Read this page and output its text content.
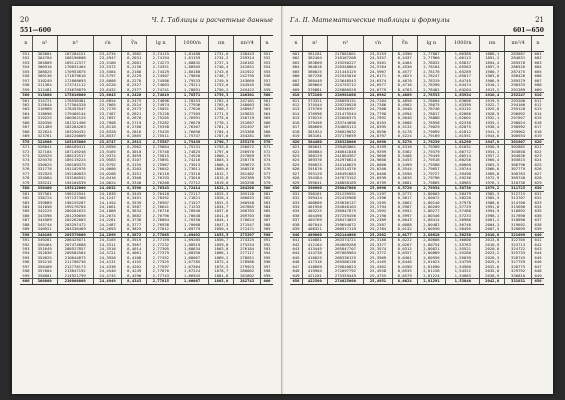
20	Ч. I. Таблицы и расчетные данные
551—600
n	n²	n³	√n	∛n	lg n	1000/n	πn	πn²/4	n
551	303601	167284151	23,4734	8,1982	2,74115	1,81488	1731,0	238443	551
552	304704	168196608	23,4947	8,2031	2,74194	1,81159	1734,2	239314	552
553	305809	169112377	23,5160	8,2081	2,74273	1,80832	1737,3	240182	553
554	306916	170031464	23,5372	8,2130	2,74351	1,80505	1740,4	241051	554
555	308025	170953875	23,5584	8,2180	2,74429	1,80180	1743,6	241922	555
556	309136	171879616	23,5797	8,2229	2,74507	1,79856	1746,7	242795	556
557	310249	172808693	23,6008	8,2278	2,74586	1,79533	1749,9	243669	557
558	311364	173741112	23,6220	8,2327	2,74663	1,79211	1753,0	244545	558
559	312481	174676879	23,6432	8,2377	2,74741	1,78891	1756,2	245422	559
560	313600	175616000	23,6643	8,2426	2,74819	1,78571	1759,3	246301	560
561	314721	176558481	23,6854	8,2475	2,74896	1,78253	1762,4	247181	561
562	315844	177504328	23,7065	8,2524	2,74974	1,77936	1765,6	248063	562
563	316969	178453547	23,7276	8,2573	2,75051	1,77620	1768,7	248947	563
564	318096	179406144	23,7487	8,2621	2,75128	1,77305	1771,9	249832	564
565	319225	180362125	23,7697	8,2670	2,75205	1,76991	1775,0	250719	565
566	320356	181321496	23,7908	8,2719	2,75282	1,76678	1778,1	251607	566
567	321489	182284263	23,8118	8,2768	2,75358	1,76367	1781,3	252497	567
568	322624	183250432	23,8328	8,2816	2,75435	1,76056	1784,4	253388	568
569	323761	184220009	23,8537	8,2865	2,75511	1,75747	1787,6	254281	569
570	324900	185193000	23,8747	8,2913	2,75587	1,75439	1790,7	255176	570
571	326041	186169411	23,8956	8,2962	2,75664	1,75131	1793,8	256072	571
572	327184	187149248	23,9165	8,3010	2,75740	1,74825	1797,0	256970	572
573	328329	188132517	23,9374	8,3059	2,75815	1,74520	1800,1	257869	573
574	329476	189119224	23,9583	8,3107	2,75891	1,74216	1803,3	258770	574
575	330625	190109375	23,9792	8,3155	2,75967	1,73913	1806,4	259672	575
576	331776	191102976	24,0000	8,3203	2,76042	1,73611	1809,6	260576	576
577	332929	192100033	24,0208	8,3251	2,76118	1,73310	1812,7	261482	577
578	334084	193100552	24,0416	8,3300	2,76193	1,73010	1815,8	262389	578
579	335241	194104539	24,0624	8,3348	2,76268	1,72712	1819,0	263298	579
580	336400	195112000	24,0832	8,3396	2,76343	1,72414	1822,1	264208	580
581	337561	196122941	24,1039	8,3443	2,76418	1,72117	1825,3	265120	581
582	338724	197137368	24,1247	8,3491	2,76492	1,71821	1828,4	266033	582
583	339889	198155287	24,1454	8,3539	2,76567	1,71527	1831,5	266948	583
584	341056	199176704	24,1661	8,3587	2,76641	1,71233	1834,7	267865	584
585	342225	200201625	24,1868	8,3634	2,76716	1,70940	1837,8	268783	585
586	343396	201230056	24,2074	8,3682	2,76790	1,70648	1841,0	269703	586
587	344569	202262003	24,2281	8,3730	2,76864	1,70358	1844,1	270624	587
588	345744	203297472	24,2487	8,3777	2,76938	1,70068	1847,3	271547	588
589	346921	204336469	24,2693	8,3825	2,77012	1,69779	1850,4	272471	589
590	348100	205379000	24,2899	8,3872	2,77085	1,69492	1853,5	273397	590
591	349281	206425071	24,3105	8,3919	2,77159	1,69205	1856,7	274325	591
592	350464	207474688	24,3311	8,3967	2,77232	1,68919	1859,8	275254	592
593	351649	208527857	24,3516	8,4014	2,77305	1,68634	1863,0	276184	593
594	352836	209584584	24,3721	8,4061	2,77379	1,68350	1866,1	277117	594
595	354025	210644875	24,3926	8,4108	2,77452	1,68067	1869,2	278051	595
596	355216	211708736	24,4131	8,4155	2,77525	1,67785	1872,4	278986	596
597	356409	212776173	24,4336	8,4202	2,77597	1,67504	1875,5	279923	597
598	357604	213847192	24,4540	8,4249	2,77670	1,67224	1878,7	280862	598
599	358801	214921799	24,4745	8,4296	2,77743	1,66945	1881,8	281802	599
600	360000	216000000	24,4949	8,4343	2,77815	1,66667	1885,0	282743	600
Гл. II. Математические таблицы и формулы	21
601—650
n	n²	n³	√n	∛n	lg n	1000/n	πn	πn²/4	n
601	361201	217081801	24,5153	8,4390	2,77887	1,66389	1888,1	283687	601
602	362404	218167208	24,5357	8,4437	2,77960	1,66113	1891,2	284631	602
603	363609	219256227	24,5561	8,4484	2,78032	1,65837	1894,4	285578	603
604	364816	220348864	24,5764	8,4530	2,78104	1,65563	1897,5	286526	604
605	366025	221445125	24,5967	8,4577	2,78176	1,65289	1900,7	287475	605
606	367236	222545016	24,6171	8,4623	2,78247	1,65017	1903,8	288426	606
607	368449	223648543	24,6374	8,4670	2,78319	1,64745	1906,9	289379	607
608	369664	224755712	24,6577	8,4716	2,78390	1,64474	1910,1	290333	608
609	370881	225866529	24,6779	8,4763	2,78462	1,64204	1913,2	291289	609
610	372100	226981000	24,6982	8,4809	2,78533	1,63934	1916,4	292247	610
611	373321	228099131	24,7184	8,4856	2,78604	1,63666	1919,5	293206	611
612	374544	229220928	24,7386	8,4902	2,78675	1,63399	1922,7	294166	612
613	375769	230346397	24,7588	8,4948	2,78746	1,63132	1925,8	295128	613
614	376996	231475544	24,7790	8,4994	2,78817	1,62866	1928,9	296092	614
615	378225	232608375	24,7992	8,5040	2,78888	1,62602	1932,1	297057	615
616	379456	233744896	24,8193	8,5086	2,78958	1,62338	1935,2	298024	616
617	380689	234885113	24,8395	8,5132	2,79029	1,62075	1938,4	298992	617
618	381924	236029032	24,8596	8,5178	2,79099	1,61812	1941,5	299962	618
619	383161	237176659	24,8797	8,5224	2,79169	1,61551	1944,6	300934	619
620	384400	238328000	24,8998	8,5270	2,79239	1,61290	1947,8	301907	620
621	385641	239483061	24,9199	8,5316	2,79309	1,61031	1950,9	302882	621
622	386884	240641848	24,9399	8,5362	2,79379	1,60772	1954,1	303858	622
623	388129	241804367	24,9600	8,5408	2,79449	1,60514	1957,2	304836	623
624	389376	242970624	24,9800	8,5453	2,79518	1,60256	1960,4	305815	624
625	390625	244140625	25,0000	8,5499	2,79588	1,60000	1963,5	306796	625
626	391876	245314376	25,0200	8,5544	2,79657	1,59744	1966,6	307779	626
627	393129	246491883	25,0400	8,5590	2,79727	1,59490	1969,8	308763	627
628	394384	247673152	25,0599	8,5635	2,79796	1,59236	1972,9	309748	628
629	395641	248858189	25,0799	8,5681	2,79865	1,58983	1976,1	310736	629
630	396900	250047000	25,0998	8,5726	2,79934	1,58730	1979,2	311725	630
631	398161	251239591	25,1197	8,5772	2,80003	1,58479	1982,3	312715	631
632	399424	252435968	25,1396	8,5817	2,80072	1,58228	1985,5	313707	632
633	400689	253636137	25,1595	8,5862	2,80140	1,57978	1988,6	314700	633
634	401956	254840104	25,1794	8,5907	2,80209	1,57729	1991,8	315696	634
635	403225	256047875	25,1992	8,5952	2,80277	1,57480	1994,9	316692	635
636	404496	257259456	25,2190	8,5997	2,80346	1,57233	1998,1	317690	636
637	405769	258474853	25,2389	8,6043	2,80414	1,56986	2001,2	318690	637
638	407044	259694072	25,2587	8,6088	2,80482	1,56740	2004,3	319692	638
639	408321	260917119	25,2784	8,6132	2,80550	1,56495	2007,5	320695	639
640	409600	262144000	25,2982	8,6177	2,80618	1,56250	2010,6	321699	640
641	410881	263374721	25,3180	8,6222	2,80686	1,56006	2013,8	322705	641
642	412164	264609288	25,3377	8,6267	2,80754	1,55763	2016,9	323713	642
643	413449	265847707	25,3574	8,6312	2,80821	1,55521	2020,0	324722	643
644	414736	267089984	25,3772	8,6357	2,80889	1,55280	2023,2	325733	644
645	416025	268336125	25,3969	8,6401	2,80956	1,55039	2026,3	326745	645
646	417316	269586136	25,4165	8,6446	2,81023	1,54799	2029,5	327759	646
647	418609	270840023	25,4362	8,6490	2,81090	1,54560	2032,6	328775	647
648	419904	272097792	25,4558	8,6535	2,81158	1,54321	2035,8	329792	648
649	421201	273359449	25,4755	8,6579	2,81224	1,54083	2038,9	330810	649
650	422500	274625000	25,4951	8,6624	2,81291	1,53846	2042,0	331831	650
